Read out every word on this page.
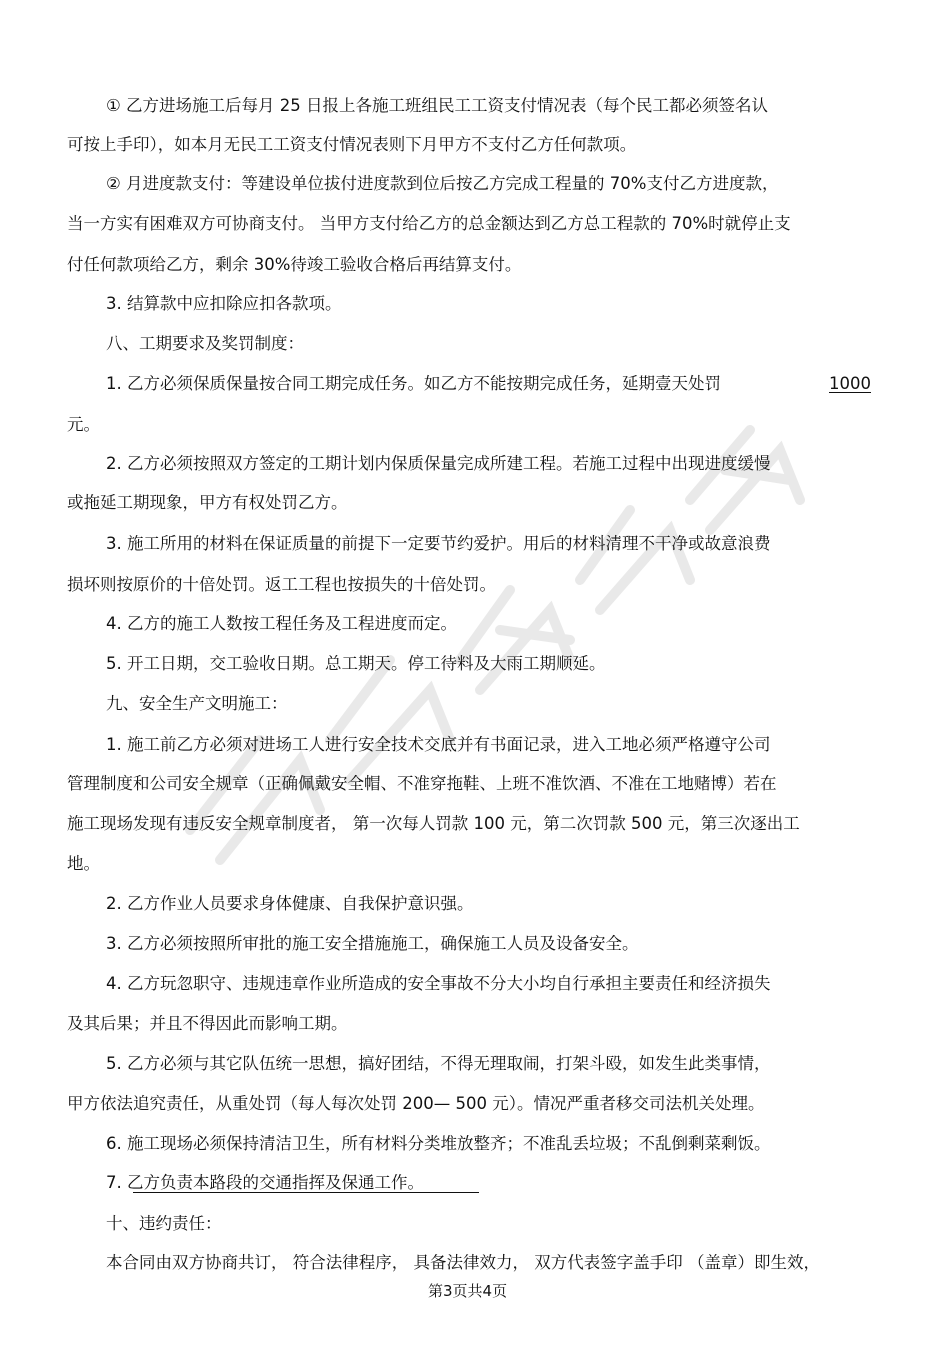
① 乙方进场施工后每月 25 日报上各施工班组民工工资支付情况表（每个民工都必须签名认
可按上手印），如本月无民工工资支付情况表则下月甲方不支付乙方任何款项。
② 月进度款支付：等建设单位拔付进度款到位后按乙方完成工程量的 70%支付乙方进度款，
当一方实有困难双方可协商支付。 当甲方支付给乙方的总金额达到乙方总工程款的 70%时就停止支
付任何款项给乙方，剩余 30%待竣工验收合格后再结算支付。
3. 结算款中应扣除应扣各款项。
八、工期要求及奖罚制度：
1. 乙方必须保质保量按合同工期完成任务。如乙方不能按期完成任务，延期壹天处罚	1000
元。
2. 乙方必须按照双方签定的工期计划内保质保量完成所建工程。若施工过程中出现进度缓慢
或拖延工期现象，甲方有权处罚乙方。
3. 施工所用的材料在保证质量的前提下一定要节约爱护。用后的材料清理不干净或故意浪费
损坏则按原价的十倍处罚。返工工程也按损失的十倍处罚。
4. 乙方的施工人数按工程任务及工程进度而定。
5. 开工日期，交工验收日期。总工期天。停工待料及大雨工期顺延。
九、安全生产文明施工：
1. 施工前乙方必须对进场工人进行安全技术交底并有书面记录，进入工地必须严格遵守公司
管理制度和公司安全规章（正确佩戴安全帽、不准穿拖鞋、上班不准饮酒、不准在工地赌博）若在
施工现场发现有违反安全规章制度者， 第一次每人罚款 100 元，第二次罚款 500 元，第三次逐出工
地。
2. 乙方作业人员要求身体健康、自我保护意识强。
3. 乙方必须按照所审批的施工安全措施施工，确保施工人员及设备安全。
4. 乙方玩忽职守、违规违章作业所造成的安全事故不分大小均自行承担主要责任和经济损失
及其后果；并且不得因此而影响工期。
5. 乙方必须与其它队伍统一思想，搞好团结，不得无理取闹，打架斗殴，如发生此类事情，
甲方依法追究责任，从重处罚（每人每次处罚 200— 500 元）。情况严重者移交司法机关处理。
6. 施工现场必须保持清洁卫生，所有材料分类堆放整齐；不准乱丢垃圾；不乱倒剩菜剩饭。
7. 乙方负责本路段的交通指挥及保通工作。
十、违约责任：
本合同由双方协商共订， 符合法律程序， 具备法律效力， 双方代表签字盖手印 （盖章）即生效，
第3页共4页
